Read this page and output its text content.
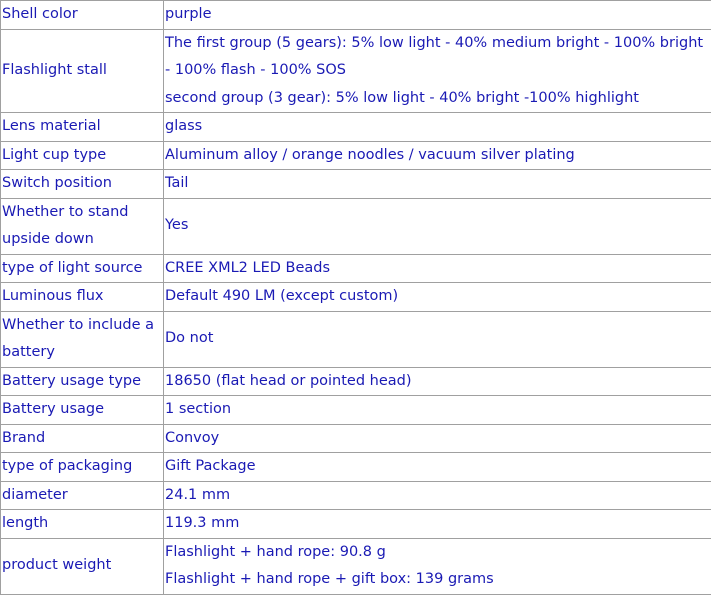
Shell color	purple

Flashlight stall	The first group (5 gears): 5% low light - 40% medium bright - 100% bright
- 100% flash - 100% SOS
second group (3 gear): 5% low light - 40% bright -100% highlight

Lens material	glass

Light cup type	Aluminum alloy / orange noodles / vacuum silver plating

Switch position	Tail

Whether to stand
upside down	Yes

type of light source	CREE XML2 LED Beads

Luminous flux	Default 490 LM (except custom)

Whether to include a
battery	Do not

Battery usage type	18650 (flat head or pointed head)

Battery usage	1 section

Brand	Convoy

type of packaging	Gift Package

diameter	24.1 mm

length	119.3 mm

product weight	Flashlight + hand rope: 90.8 g
Flashlight + hand rope + gift box: 139 grams
